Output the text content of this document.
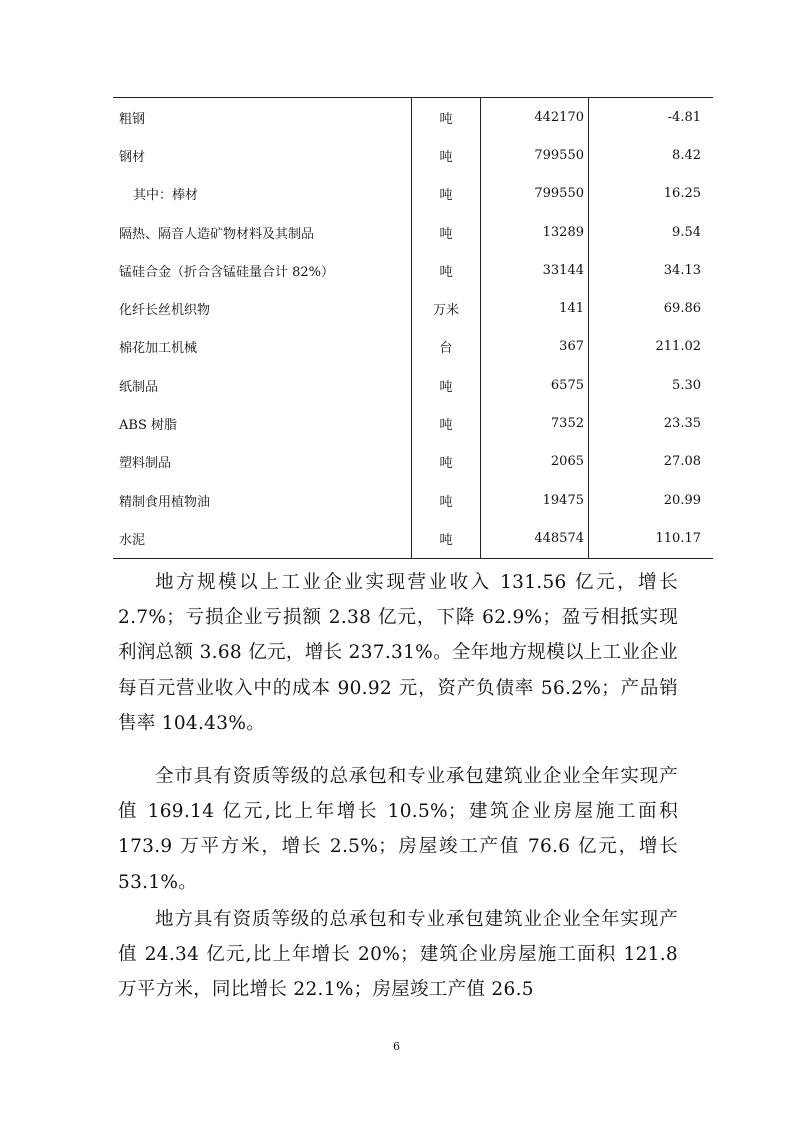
粗钢	吨	442170	-4.81
钢材	吨	799550	8.42
其中：棒材	吨	799550	16.25
隔热、隔音人造矿物材料及其制品	吨	13289	9.54
锰硅合金（折合含锰硅量合计 82%）	吨	33144	34.13
化纤长丝机织物	万米	141	69.86
棉花加工机械	台	367	211.02
纸制品	吨	6575	5.30
ABS 树脂	吨	7352	23.35
塑料制品	吨	2065	27.08
精制食用植物油	吨	19475	20.99
水泥	吨	448574	110.17

地方规模以上工业企业实现营业收入 131.56 亿元，增长 2.7%；亏损企业亏损额 2.38 亿元，下降 62.9%；盈亏相抵实现利润总额 3.68 亿元，增长 237.31%。全年地方规模以上工业企业每百元营业收入中的成本 90.92 元，资产负债率 56.2%；产品销售率 104.43%。

全市具有资质等级的总承包和专业承包建筑业企业全年实现产值 169.14 亿元,比上年增长 10.5%；建筑企业房屋施工面积 173.9 万平方米，增长 2.5%；房屋竣工产值 76.6 亿元，增长 53.1%。

地方具有资质等级的总承包和专业承包建筑业企业全年实现产值 24.34 亿元,比上年增长 20%；建筑企业房屋施工面积 121.8 万平方米，同比增长 22.1%；房屋竣工产值 26.5

6
